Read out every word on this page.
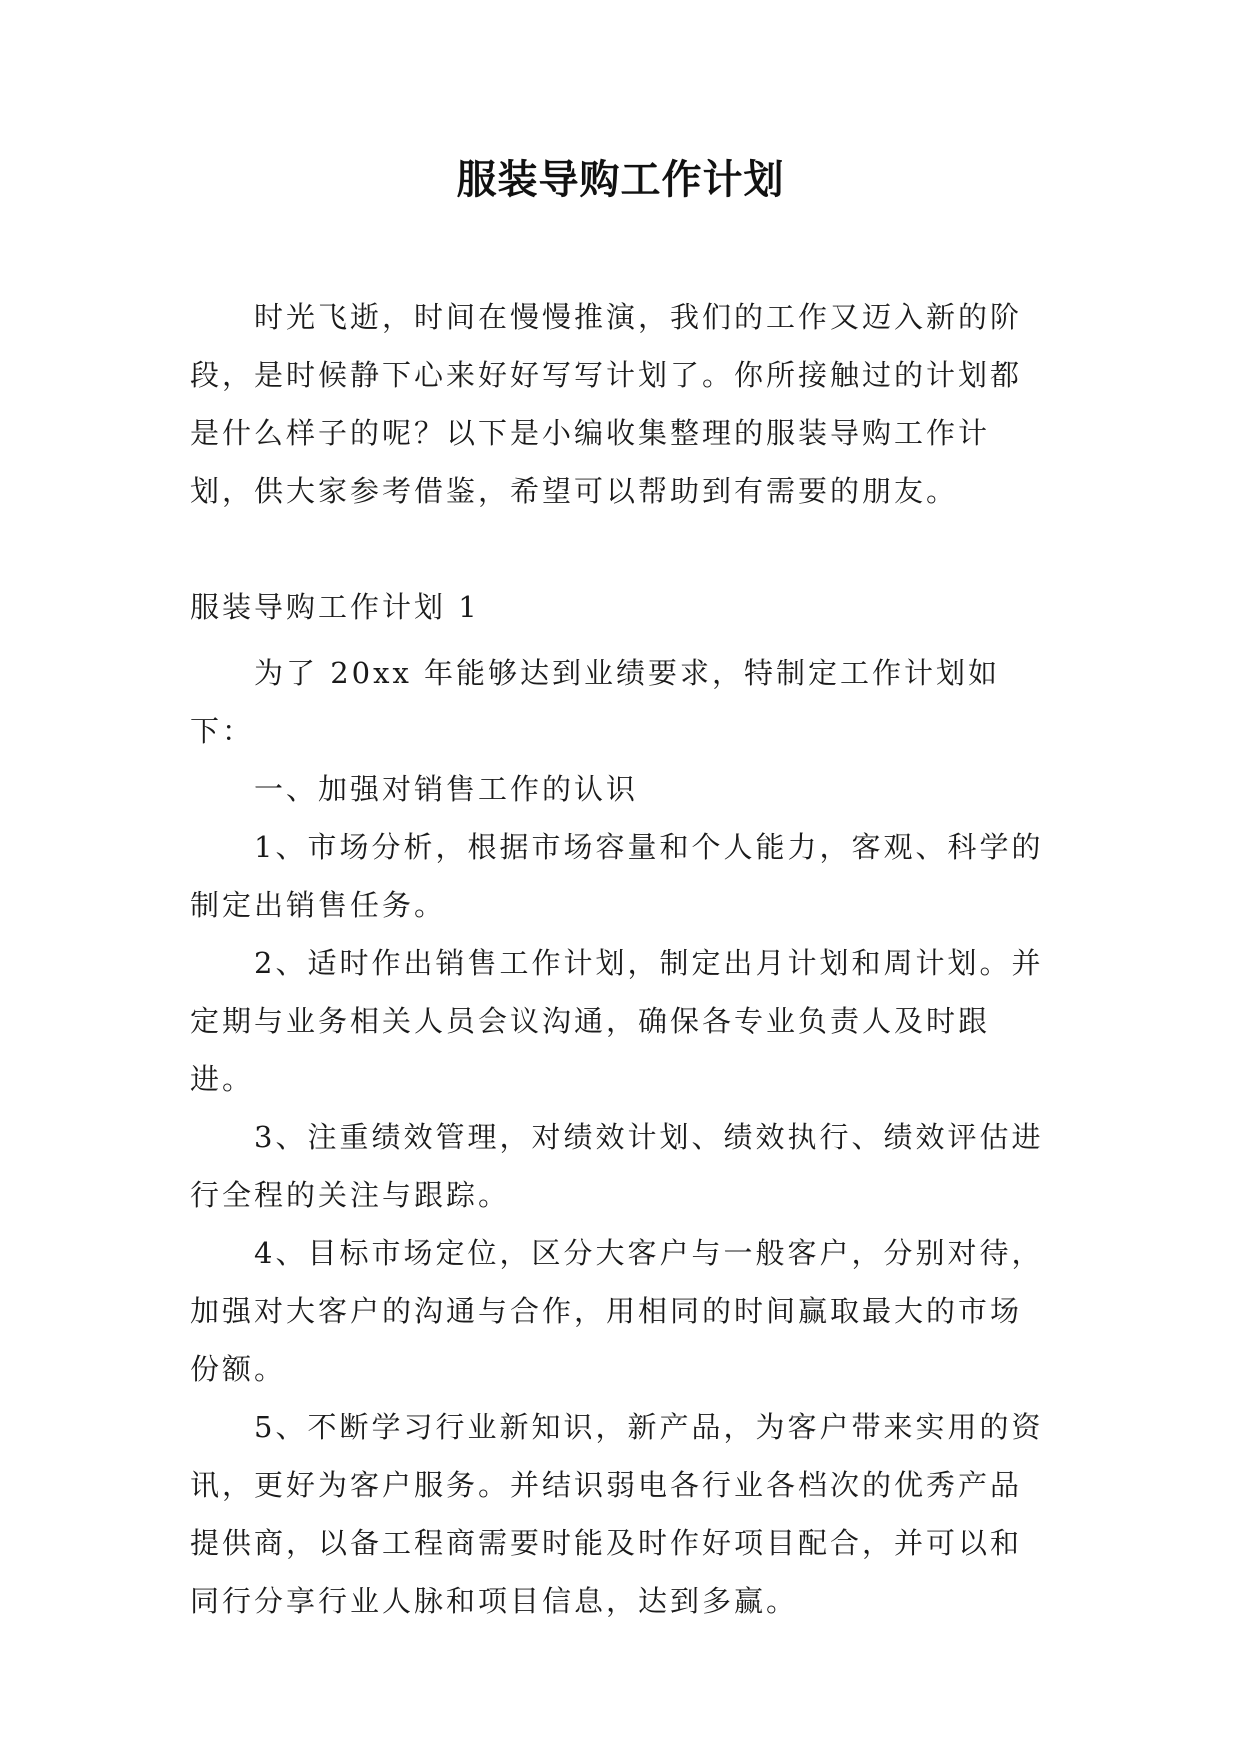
服装导购工作计划

时光飞逝，时间在慢慢推演，我们的工作又迈入新的阶段，是时候静下心来好好写写计划了。你所接触过的计划都是什么样子的呢？以下是小编收集整理的服装导购工作计划，供大家参考借鉴，希望可以帮助到有需要的朋友。

服装导购工作计划 1

为了 20xx 年能够达到业绩要求，特制定工作计划如下：

一、加强对销售工作的认识

1、市场分析，根据市场容量和个人能力，客观、科学的制定出销售任务。

2、适时作出销售工作计划，制定出月计划和周计划。并定期与业务相关人员会议沟通，确保各专业负责人及时跟进。

3、注重绩效管理，对绩效计划、绩效执行、绩效评估进行全程的关注与跟踪。

4、目标市场定位，区分大客户与一般客户，分别对待，加强对大客户的沟通与合作，用相同的时间赢取最大的市场份额。

5、不断学习行业新知识，新产品，为客户带来实用的资讯，更好为客户服务。并结识弱电各行业各档次的优秀产品提供商，以备工程商需要时能及时作好项目配合，并可以和同行分享行业人脉和项目信息，达到多赢。
